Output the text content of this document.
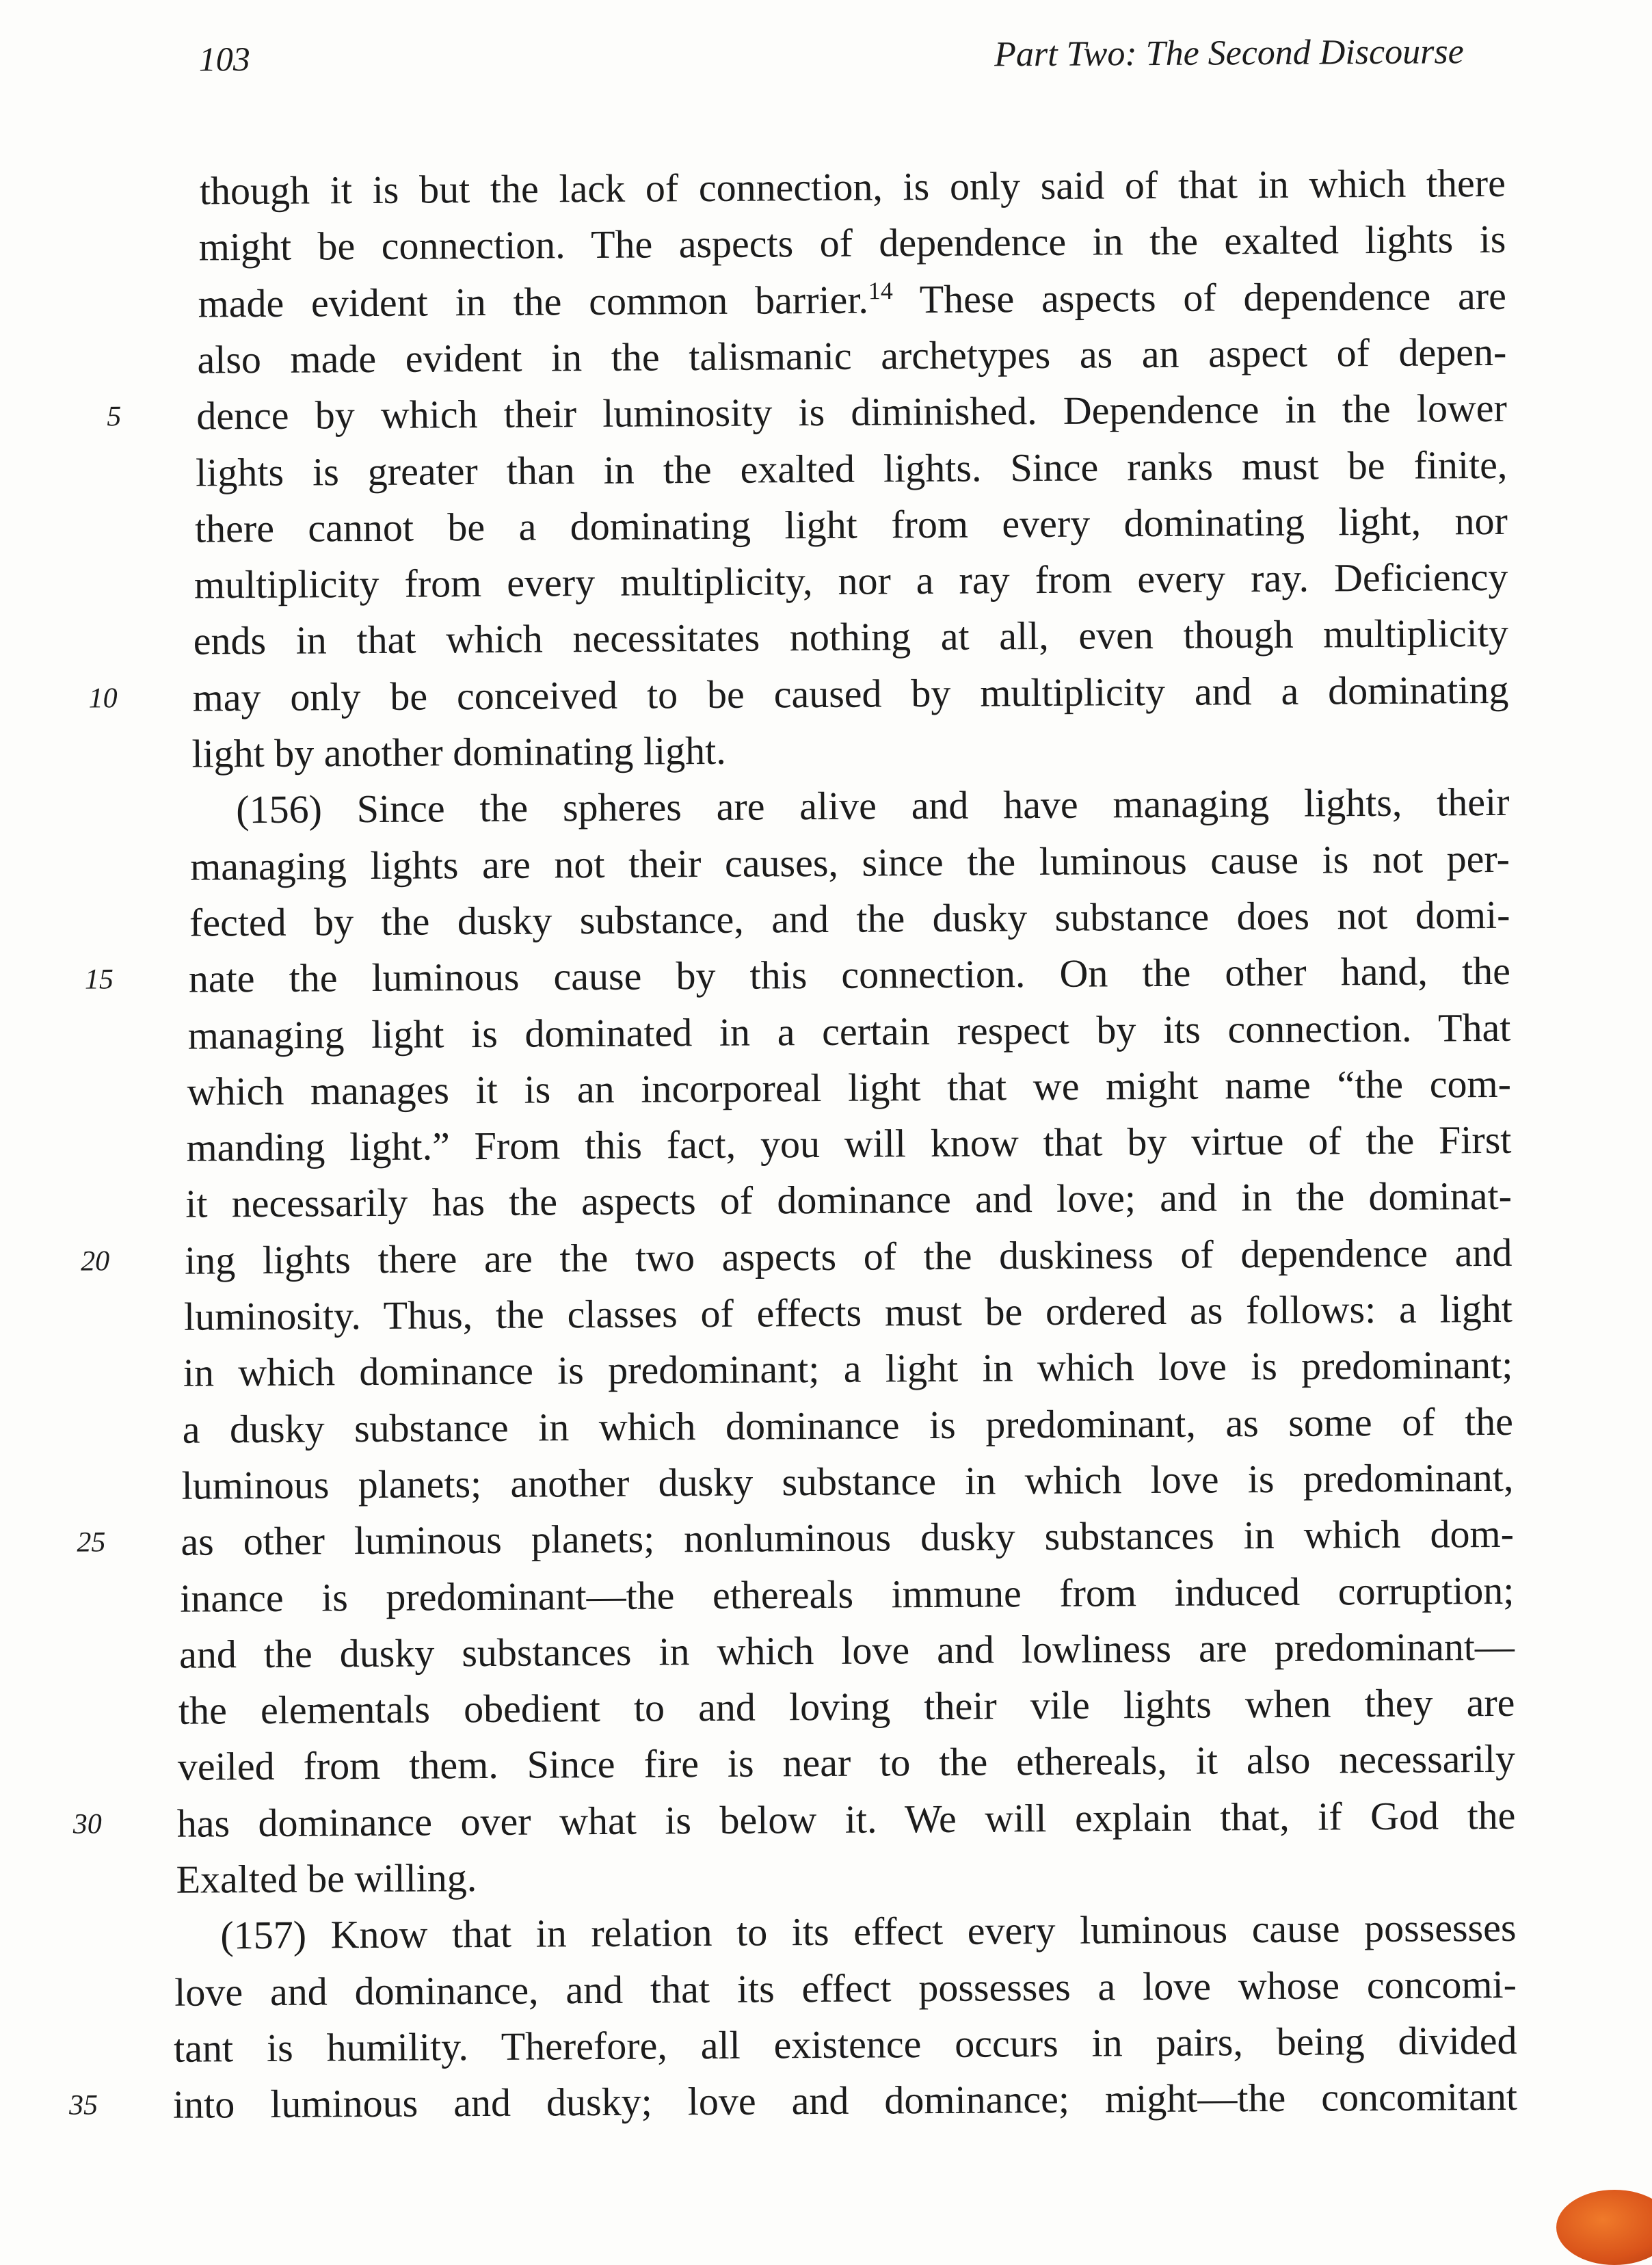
103	Part Two: The Second Discourse
though it is but the lack of connection, is only said of that in which there
might be connection. The aspects of dependence in the exalted lights is
made evident in the common barrier.$^{14}$ These aspects of dependence are
also made evident in the talismanic archetypes as an aspect of depen-
5 dence by which their luminosity is diminished. Dependence in the lower
lights is greater than in the exalted lights. Since ranks must be finite,
there cannot be a dominating light from every dominating light, nor
multiplicity from every multiplicity, nor a ray from every ray. Deficiency
ends in that which necessitates nothing at all, even though multiplicity
10 may only be conceived to be caused by multiplicity and a dominating
light by another dominating light.
(156) Since the spheres are alive and have managing lights, their
managing lights are not their causes, since the luminous cause is not per-
fected by the dusky substance, and the dusky substance does not domi-
15 nate the luminous cause by this connection. On the other hand, the
managing light is dominated in a certain respect by its connection. That
which manages it is an incorporeal light that we might name “the com-
manding light.” From this fact, you will know that by virtue of the First
it necessarily has the aspects of dominance and love; and in the dominat-
20 ing lights there are the two aspects of the duskiness of dependence and
luminosity. Thus, the classes of effects must be ordered as follows: a light
in which dominance is predominant; a light in which love is predominant;
a dusky substance in which dominance is predominant, as some of the
luminous planets; another dusky substance in which love is predominant,
25 as other luminous planets; nonluminous dusky substances in which dom-
inance is predominant—the ethereals immune from induced corruption;
and the dusky substances in which love and lowliness are predominant—
the elementals obedient to and loving their vile lights when they are
veiled from them. Since fire is near to the ethereals, it also necessarily
30 has dominance over what is below it. We will explain that, if God the
Exalted be willing.
(157) Know that in relation to its effect every luminous cause possesses
love and dominance, and that its effect possesses a love whose concomi-
tant is humility. Therefore, all existence occurs in pairs, being divided
35 into luminous and dusky; love and dominance; might—the concomitant
